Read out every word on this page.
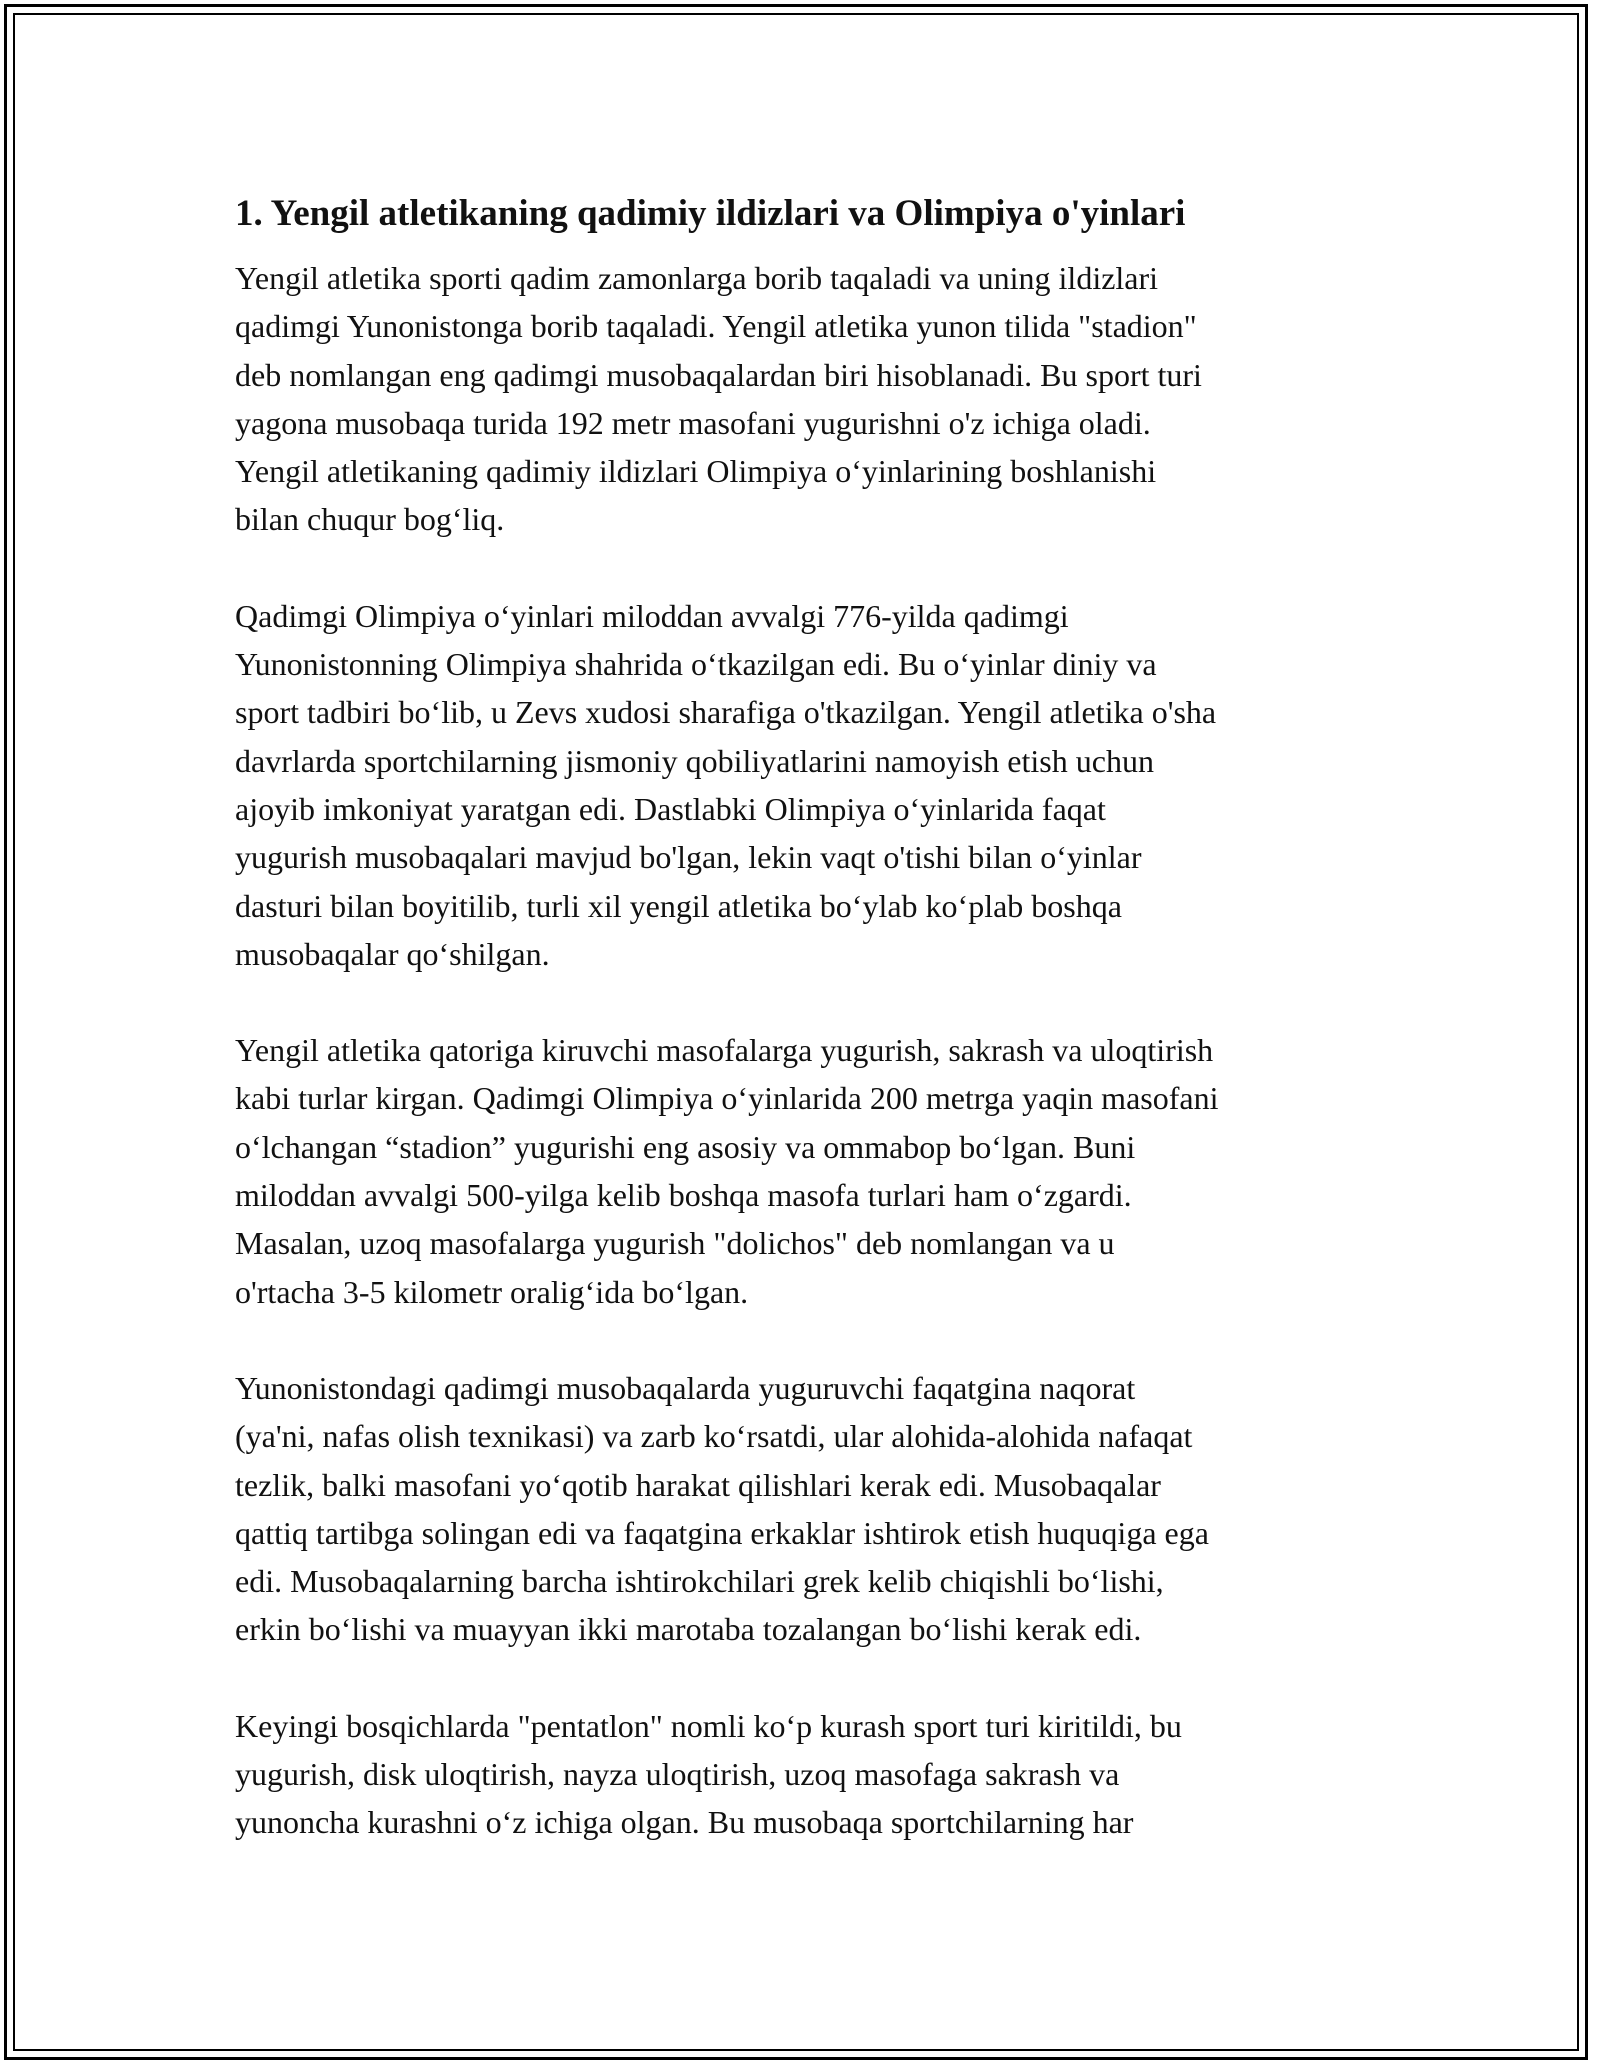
1. Yengil atletikaning qadimiy ildizlari va Olimpiya o'yinlari
Yengil atletika sporti qadim zamonlarga borib taqaladi va uning ildizlari
qadimgi Yunonistonga borib taqaladi. Yengil atletika yunon tilida "stadion"
deb nomlangan eng qadimgi musobaqalardan biri hisoblanadi. Bu sport turi
yagona musobaqa turida 192 metr masofani yugurishni o'z ichiga oladi.
Yengil atletikaning qadimiy ildizlari Olimpiya o‘yinlarining boshlanishi
bilan chuqur bog‘liq.
Qadimgi Olimpiya o‘yinlari miloddan avvalgi 776-yilda qadimgi
Yunonistonning Olimpiya shahrida o‘tkazilgan edi. Bu o‘yinlar diniy va
sport tadbiri bo‘lib, u Zevs xudosi sharafiga o'tkazilgan. Yengil atletika o'sha
davrlarda sportchilarning jismoniy qobiliyatlarini namoyish etish uchun
ajoyib imkoniyat yaratgan edi. Dastlabki Olimpiya o‘yinlarida faqat
yugurish musobaqalari mavjud bo'lgan, lekin vaqt o'tishi bilan o‘yinlar
dasturi bilan boyitilib, turli xil yengil atletika bo‘ylab ko‘plab boshqa
musobaqalar qo‘shilgan.
Yengil atletika qatoriga kiruvchi masofalarga yugurish, sakrash va uloqtirish
kabi turlar kirgan. Qadimgi Olimpiya o‘yinlarida 200 metrga yaqin masofani
o‘lchangan “stadion” yugurishi eng asosiy va ommabop bo‘lgan. Buni
miloddan avvalgi 500-yilga kelib boshqa masofa turlari ham o‘zgardi.
Masalan, uzoq masofalarga yugurish "dolichos" deb nomlangan va u
o'rtacha 3-5 kilometr oralig‘ida bo‘lgan.
Yunonistondagi qadimgi musobaqalarda yuguruvchi faqatgina naqorat
(ya'ni, nafas olish texnikasi) va zarb ko‘rsatdi, ular alohida-alohida nafaqat
tezlik, balki masofani yo‘qotib harakat qilishlari kerak edi. Musobaqalar
qattiq tartibga solingan edi va faqatgina erkaklar ishtirok etish huquqiga ega
edi. Musobaqalarning barcha ishtirokchilari grek kelib chiqishli bo‘lishi,
erkin bo‘lishi va muayyan ikki marotaba tozalangan bo‘lishi kerak edi.
Keyingi bosqichlarda "pentatlon" nomli ko‘p kurash sport turi kiritildi, bu
yugurish, disk uloqtirish, nayza uloqtirish, uzoq masofaga sakrash va
yunoncha kurashni o‘z ichiga olgan. Bu musobaqa sportchilarning har
